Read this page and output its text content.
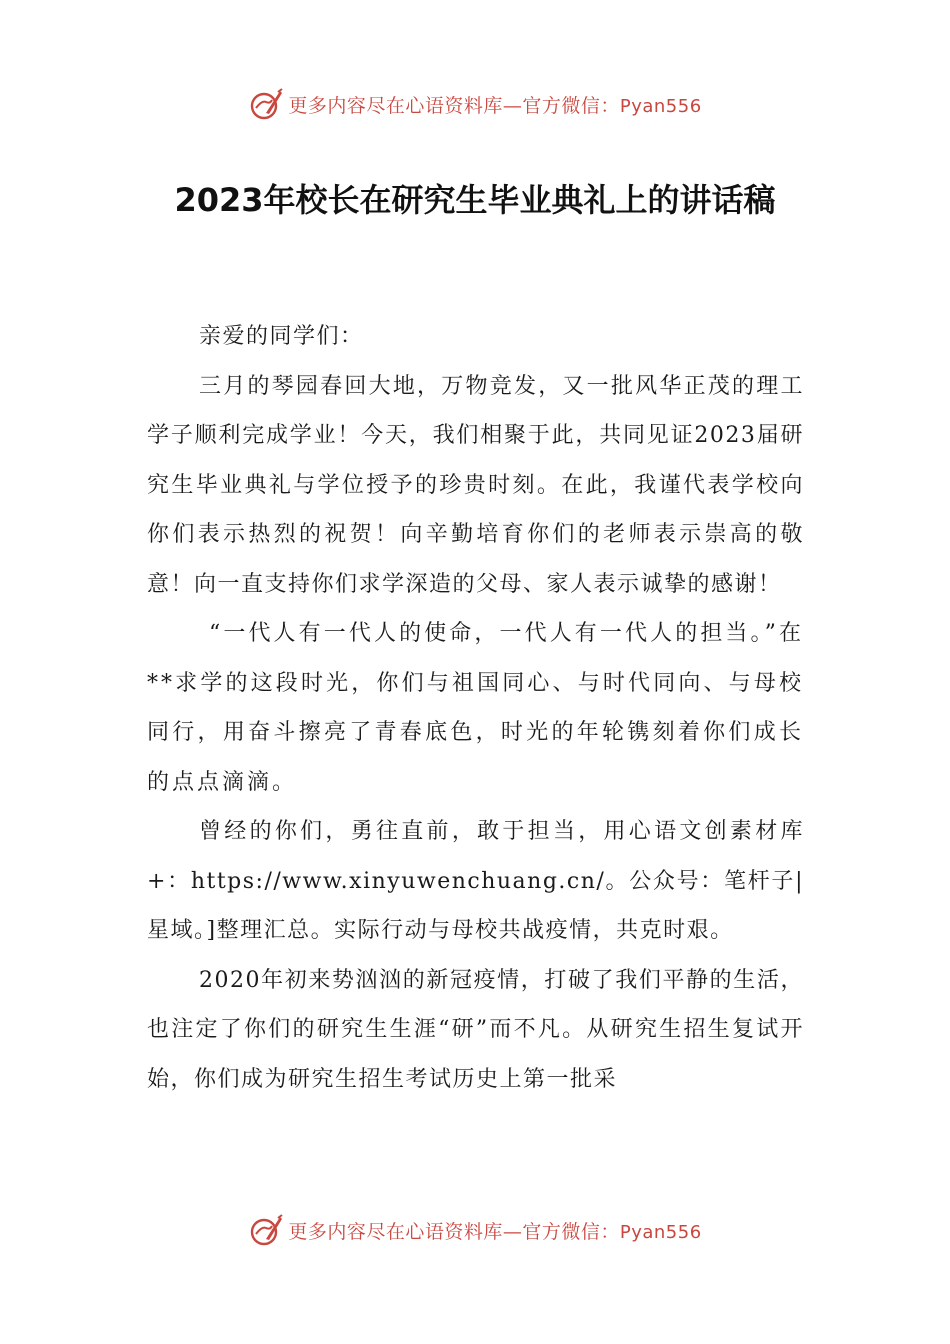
更多内容尽在心语资料库—官方微信：Pyan556
2023年校长在研究生毕业典礼上的讲话稿

亲爱的同学们：

三月的琴园春回大地，万物竞发，又一批风华正茂的理工学子顺利完成学业！今天，我们相聚于此，共同见证2023届研究生毕业典礼与学位授予的珍贵时刻。在此，我谨代表学校向你们表示热烈的祝贺！向辛勤培育你们的老师表示崇高的敬意！向一直支持你们求学深造的父母、家人表示诚挚的感谢！

“一代人有一代人的使命，一代人有一代人的担当。”在**求学的这段时光，你们与祖国同心、与时代同向、与母校同行，用奋斗擦亮了青春底色，时光的年轮镌刻着你们成长的点点滴滴。

曾经的你们，勇往直前，敢于担当，用心语文创素材库+：https://www.xinyuwenchuang.cn/。公众号：笔杆子|星域。]整理汇总。实际行动与母校共战疫情，共克时艰。

2020年初来势汹汹的新冠疫情，打破了我们平静的生活，也注定了你们的研究生生涯“研”而不凡。从研究生招生复试开始，你们成为研究生招生考试历史上第一批采

更多内容尽在心语资料库—官方微信：Pyan556
